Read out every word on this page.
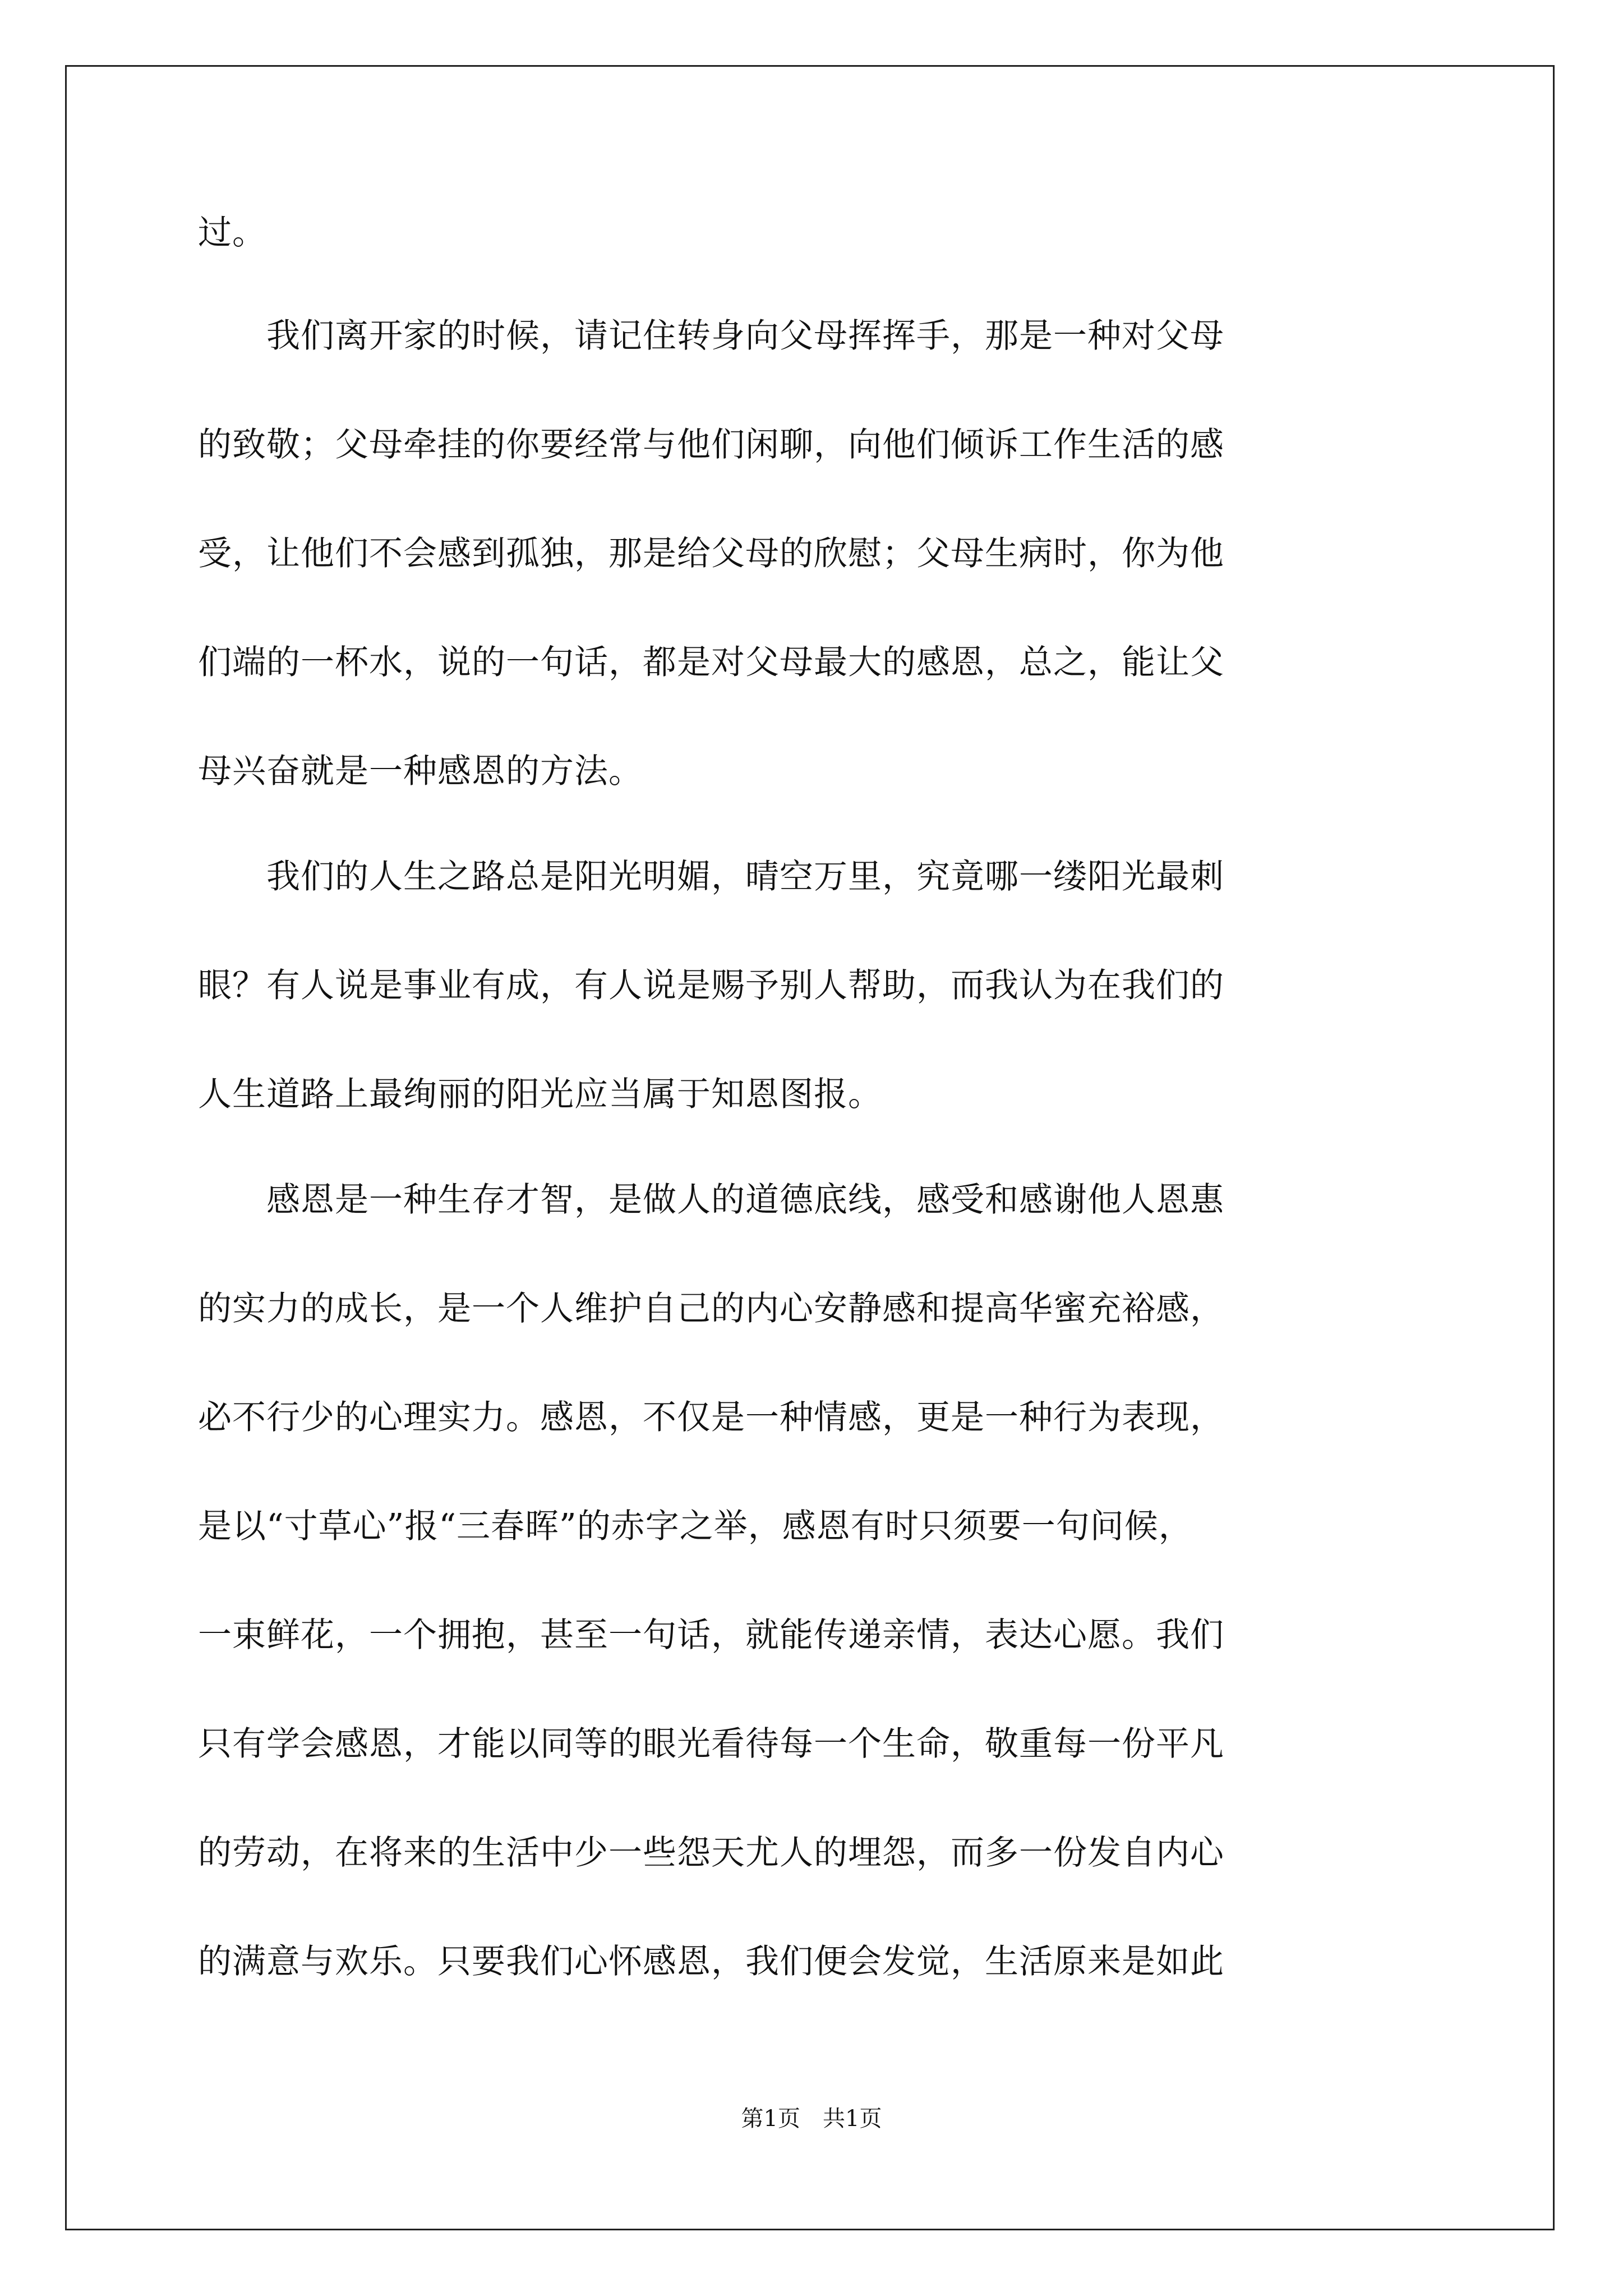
过。

　　我们离开家的时候，请记住转身向父母挥挥手，那是一种对父母

的致敬；父母牵挂的你要经常与他们闲聊，向他们倾诉工作生活的感

受，让他们不会感到孤独，那是给父母的欣慰；父母生病时，你为他

们端的一杯水，说的一句话，都是对父母最大的感恩，总之，能让父

母兴奋就是一种感恩的方法。

　　我们的人生之路总是阳光明媚，晴空万里，究竟哪一缕阳光最刺

眼？有人说是事业有成，有人说是赐予别人帮助，而我认为在我们的

人生道路上最绚丽的阳光应当属于知恩图报。

　　感恩是一种生存才智，是做人的道德底线，感受和感谢他人恩惠

的实力的成长，是一个人维护自己的内心安静感和提高华蜜充裕感，

必不行少的心理实力。感恩，不仅是一种情感，更是一种行为表现，

是以“寸草心”报“三春晖”的赤字之举，感恩有时只须要一句问候，

一束鲜花，一个拥抱，甚至一句话，就能传递亲情，表达心愿。我们

只有学会感恩，才能以同等的眼光看待每一个生命，敬重每一份平凡

的劳动，在将来的生活中少一些怨天尤人的埋怨，而多一份发自内心

的满意与欢乐。只要我们心怀感恩，我们便会发觉，生活原来是如此

第1页　共1页
